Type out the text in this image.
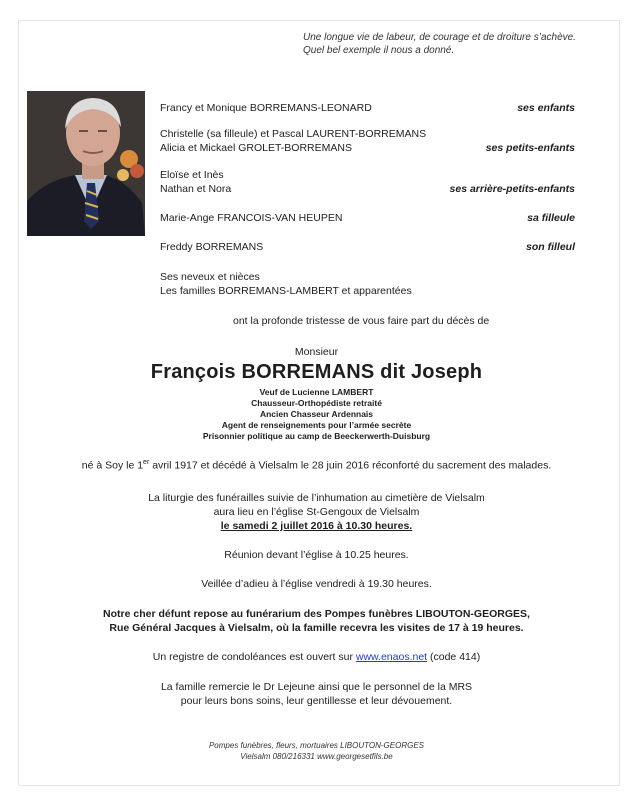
Une longue vie de labeur, de courage et de droiture s’achève.
Quel bel exemple il nous a donné.
Francy et Monique BORREMANS-LEONARD	ses enfants
Christelle (sa filleule) et Pascal LAURENT-BORREMANS
Alicia et Mickael GROLET-BORREMANS	ses petits-enfants
Eloïse et Inès
Nathan et Nora	ses arrière-petits-enfants
Marie-Ange FRANCOIS-VAN HEUPEN	sa filleule
Freddy BORREMANS	son filleul
Ses neveux et nièces
Les familles BORREMANS-LAMBERT et apparentées
ont la profonde tristesse de vous faire part du décès de
Monsieur
François BORREMANS dit Joseph
Veuf de Lucienne LAMBERT
Chausseur-Orthopédiste retraité
Ancien Chasseur Ardennais
Agent de renseignements pour l’armée secrète
Prisonnier politique au camp de Beeckerwerth-Duisburg
né à Soy le 1er avril 1917 et décédé à Vielsalm le 28 juin 2016 réconforté du sacrement des malades.
La liturgie des funérailles suivie de l’inhumation au cimetière de Vielsalm
aura lieu en l’église St-Gengoux de Vielsalm
le samedi 2 juillet 2016 à 10.30 heures.
Réunion devant l’église à 10.25 heures.
Veillée d’adieu à l’église vendredi à 19.30 heures.
Notre cher défunt repose au funérarium des Pompes funèbres LIBOUTON-GEORGES,
Rue Général Jacques à Vielsalm, où la famille recevra les visites de 17 à 19 heures.
Un registre de condoléances est ouvert sur www.enaos.net (code 414)
La famille remercie le Dr Lejeune ainsi que le personnel de la MRS
pour leurs bons soins, leur gentillesse et leur dévouement.
Pompes funèbres, fleurs, mortuaires LIBOUTON-GEORGES
Vielsalm 080/216331 www.georgesetfils.be
